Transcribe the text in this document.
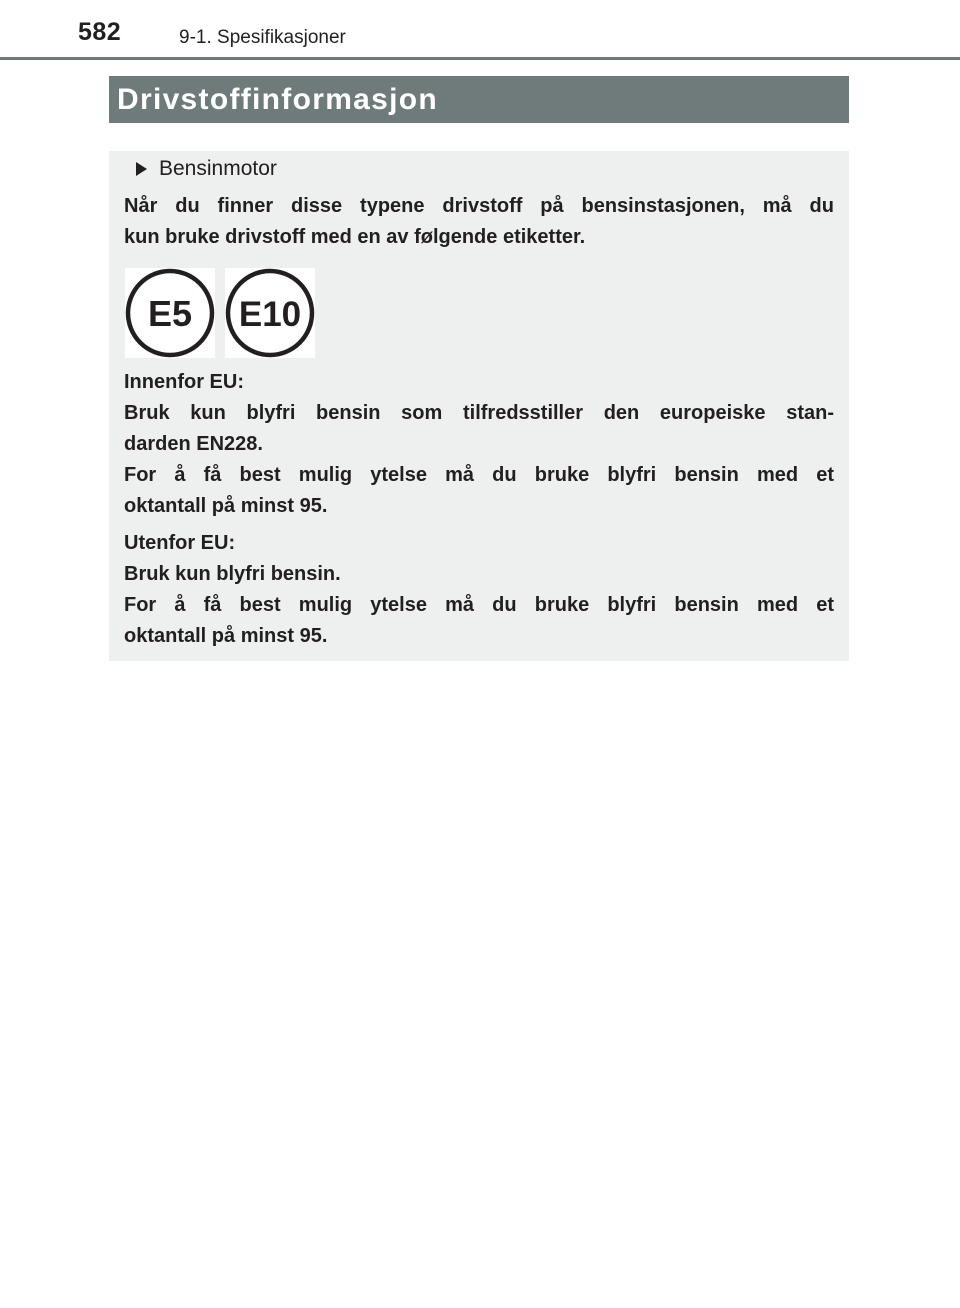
582	9-1. Spesifikasjoner
Drivstoffinformasjon
Bensinmotor
Når du finner disse typene drivstoff på bensinstasjonen, må du
kun bruke drivstoff med en av følgende etiketter.
E5 E10
Innenfor EU:
Bruk kun blyfri bensin som tilfredsstiller den europeiske stan-
darden EN228.
For å få best mulig ytelse må du bruke blyfri bensin med et
oktantall på minst 95.
Utenfor EU:
Bruk kun blyfri bensin.
For å få best mulig ytelse må du bruke blyfri bensin med et
oktantall på minst 95.
